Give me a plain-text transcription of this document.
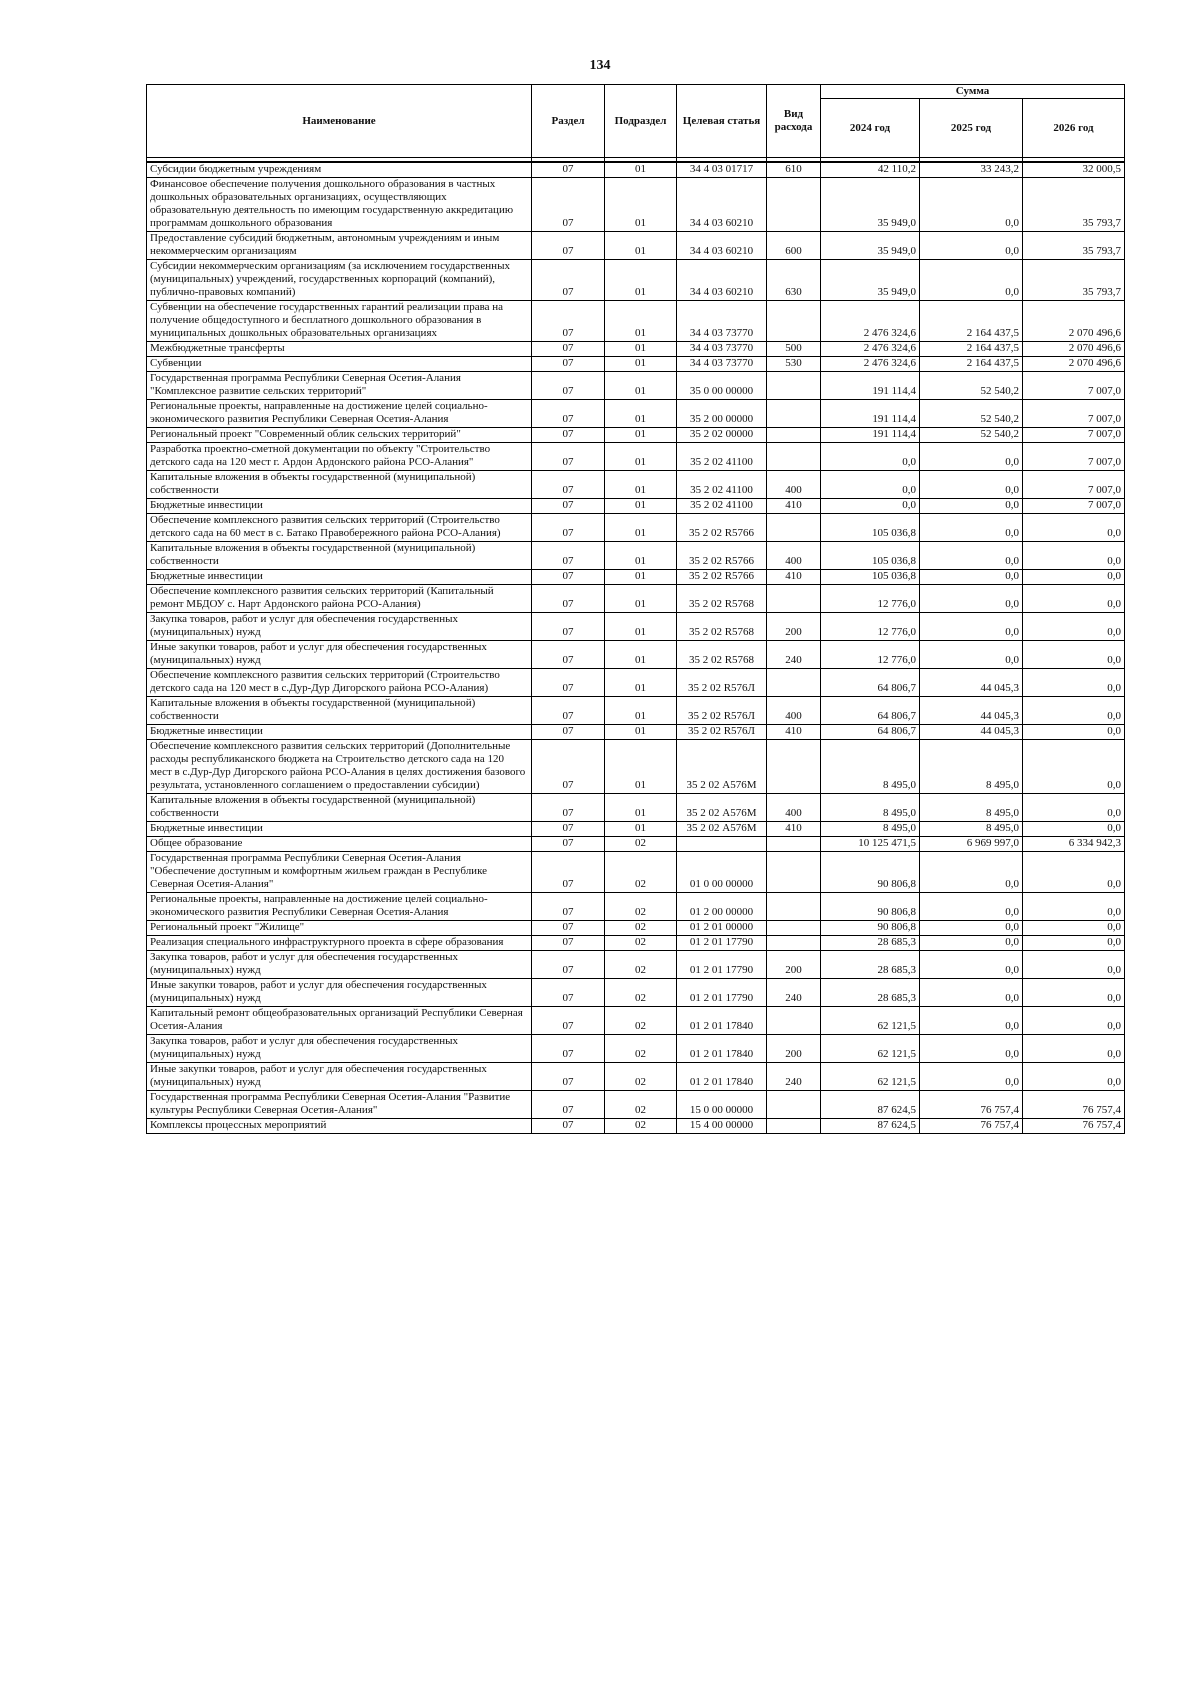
134
Наименование	Раздел	Подраздел	Целевая статья	Вид расхода	Сумма		
					2024 год	2025 год	2026 год

Субсидии бюджетным учреждениям	07	01	34 4 03 01717	610	42 110,2	33 243,2	32 000,5
Финансовое обеспечение получения дошкольного образования в частных дошкольных образовательных организациях, осуществляющих образовательную деятельность по имеющим государственную аккредитацию программам дошкольного образования	07	01	34 4 03 60210		35 949,0	0,0	35 793,7
Предоставление субсидий бюджетным, автономным учреждениям и иным некоммерческим организациям	07	01	34 4 03 60210	600	35 949,0	0,0	35 793,7
Субсидии некоммерческим организациям (за исключением государственных (муниципальных) учреждений, государственных корпораций (компаний), публично-правовых компаний)	07	01	34 4 03 60210	630	35 949,0	0,0	35 793,7
Субвенции на обеспечение государственных гарантий реализации права на получение общедоступного и бесплатного дошкольного образования в муниципальных дошкольных образовательных организациях	07	01	34 4 03 73770		2 476 324,6	2 164 437,5	2 070 496,6
Межбюджетные трансферты	07	01	34 4 03 73770	500	2 476 324,6	2 164 437,5	2 070 496,6
Субвенции	07	01	34 4 03 73770	530	2 476 324,6	2 164 437,5	2 070 496,6
Государственная программа Республики Северная Осетия-Алания "Комплексное развитие сельских территорий"	07	01	35 0 00 00000		191 114,4	52 540,2	7 007,0
Региональные проекты, направленные на достижение целей социально-экономического развития Республики Северная Осетия-Алания	07	01	35 2 00 00000		191 114,4	52 540,2	7 007,0
Региональный проект "Современный облик сельских территорий"	07	01	35 2 02 00000		191 114,4	52 540,2	7 007,0
Разработка проектно-сметной документации по объекту "Строительство детского сада на 120 мест г. Ардон Ардонского района РСО-Алания"	07	01	35 2 02 41100		0,0	0,0	7 007,0
Капитальные вложения в объекты государственной (муниципальной) собственности	07	01	35 2 02 41100	400	0,0	0,0	7 007,0
Бюджетные инвестиции	07	01	35 2 02 41100	410	0,0	0,0	7 007,0
Обеспечение комплексного развития сельских территорий (Строительство детского сада на 60 мест в с. Батако Правобережного района РСО-Алания)	07	01	35 2 02 R5766		105 036,8	0,0	0,0
Капитальные вложения в объекты государственной (муниципальной) собственности	07	01	35 2 02 R5766	400	105 036,8	0,0	0,0
Бюджетные инвестиции	07	01	35 2 02 R5766	410	105 036,8	0,0	0,0
Обеспечение комплексного развития сельских территорий (Капитальный ремонт МБДОУ с. Нарт Ардонского района РСО-Алания)	07	01	35 2 02 R5768		12 776,0	0,0	0,0
Закупка товаров, работ и услуг для обеспечения государственных (муниципальных) нужд	07	01	35 2 02 R5768	200	12 776,0	0,0	0,0
Иные закупки товаров, работ и услуг для обеспечения государственных (муниципальных) нужд	07	01	35 2 02 R5768	240	12 776,0	0,0	0,0
Обеспечение комплексного развития сельских территорий (Строительство детского сада на 120 мест в с.Дур-Дур Дигорского района РСО-Алания)	07	01	35 2 02 R576Л		64 806,7	44 045,3	0,0
Капитальные вложения в объекты государственной (муниципальной) собственности	07	01	35 2 02 R576Л	400	64 806,7	44 045,3	0,0
Бюджетные инвестиции	07	01	35 2 02 R576Л	410	64 806,7	44 045,3	0,0
Обеспечение комплексного развития сельских территорий (Дополнительные расходы республиканского бюджета на Строительство детского сада на 120 мест в с.Дур-Дур Дигорского района РСО-Алания в целях достижения базового результата, установленного соглашением о предоставлении субсидии)	07	01	35 2 02 А576М		8 495,0	8 495,0	0,0
Капитальные вложения в объекты государственной (муниципальной) собственности	07	01	35 2 02 А576М	400	8 495,0	8 495,0	0,0
Бюджетные инвестиции	07	01	35 2 02 А576М	410	8 495,0	8 495,0	0,0
Общее образование	07	02			10 125 471,5	6 969 997,0	6 334 942,3
Государственная программа Республики Северная Осетия-Алания "Обеспечение доступным и комфортным жильем граждан в Республике Северная Осетия-Алания"	07	02	01 0 00 00000		90 806,8	0,0	0,0
Региональные проекты, направленные на достижение целей социально-экономического развития Республики Северная Осетия-Алания	07	02	01 2 00 00000		90 806,8	0,0	0,0
Региональный проект "Жилище"	07	02	01 2 01 00000		90 806,8	0,0	0,0
Реализация специального инфраструктурного проекта в сфере образования	07	02	01 2 01 17790		28 685,3	0,0	0,0
Закупка товаров, работ и услуг для обеспечения государственных (муниципальных) нужд	07	02	01 2 01 17790	200	28 685,3	0,0	0,0
Иные закупки товаров, работ и услуг для обеспечения государственных (муниципальных) нужд	07	02	01 2 01 17790	240	28 685,3	0,0	0,0
Капитальный ремонт общеобразовательных организаций Республики Северная Осетия-Алания	07	02	01 2 01 17840		62 121,5	0,0	0,0
Закупка товаров, работ и услуг для обеспечения государственных (муниципальных) нужд	07	02	01 2 01 17840	200	62 121,5	0,0	0,0
Иные закупки товаров, работ и услуг для обеспечения государственных (муниципальных) нужд	07	02	01 2 01 17840	240	62 121,5	0,0	0,0
Государственная программа Республики Северная Осетия-Алания "Развитие культуры Республики Северная Осетия-Алания"	07	02	15 0 00 00000		87 624,5	76 757,4	76 757,4
Комплексы процессных мероприятий	07	02	15 4 00 00000		87 624,5	76 757,4	76 757,4
